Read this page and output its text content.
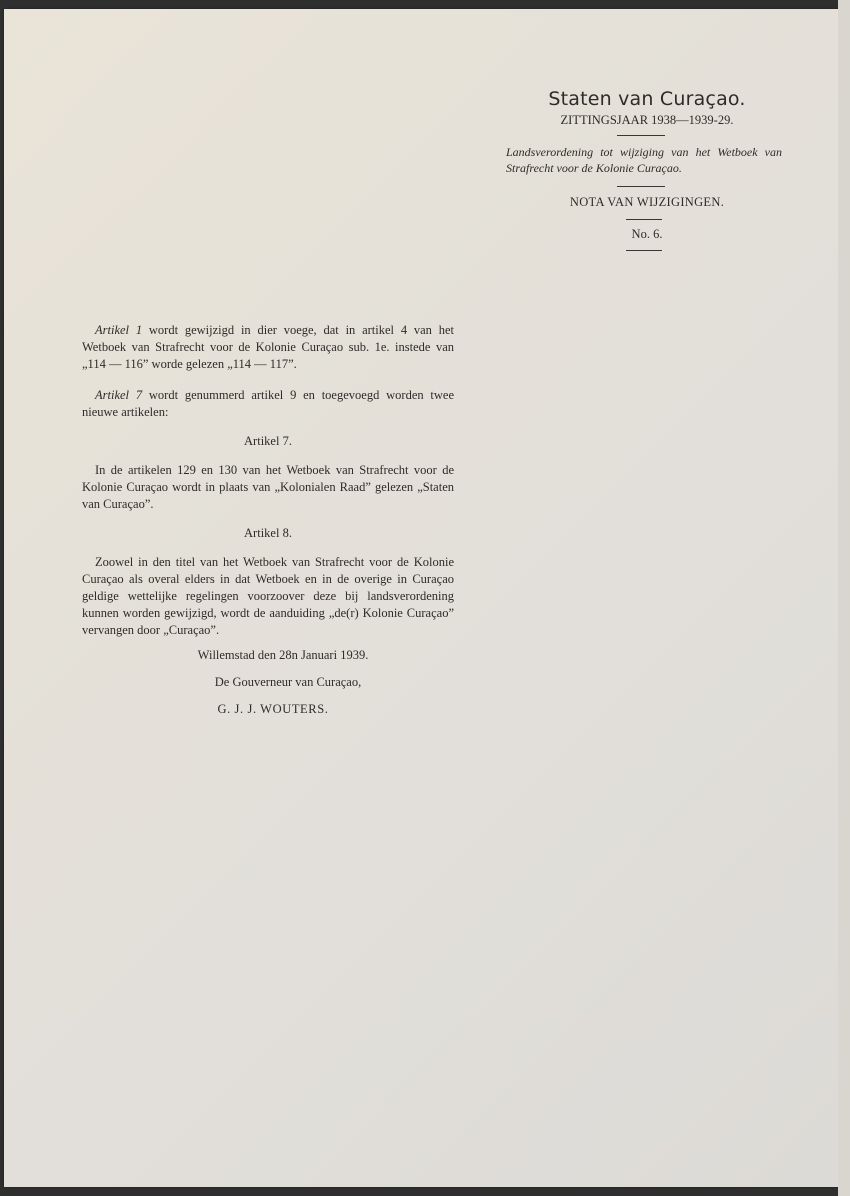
Staten van Curaçao.
ZITTINGSJAAR 1938—1939-29.
Landsverordening tot wijziging van het Wetboek van Strafrecht voor de Kolonie Curaçao.
NOTA VAN WIJZIGINGEN.
No. 6.

Artikel 1 wordt gewijzigd in dier voege, dat in artikel 4 van het Wetboek van Strafrecht voor de Kolonie Curaçao sub. 1e. instede van „114 — 116” worde gelezen „114 — 117”.

Artikel 7 wordt genummerd artikel 9 en toegevoegd worden twee nieuwe artikelen:

Artikel 7.

In de artikelen 129 en 130 van het Wetboek van Strafrecht voor de Kolonie Curaçao wordt in plaats van „Kolonialen Raad” gelezen „Staten van Curaçao”.

Artikel 8.

Zoowel in den titel van het Wetboek van Strafrecht voor de Kolonie Curaçao als overal elders in dat Wetboek en in de overige in Curaçao geldige wettelijke regelingen voorzoover deze bij landsverordening kunnen worden gewijzigd, wordt de aanduiding „de(r) Kolonie Curaçao” vervangen door „Curaçao”.

Willemstad den 28n Januari 1939.

De Gouverneur van Curaçao,

G. J. J. WOUTERS.
